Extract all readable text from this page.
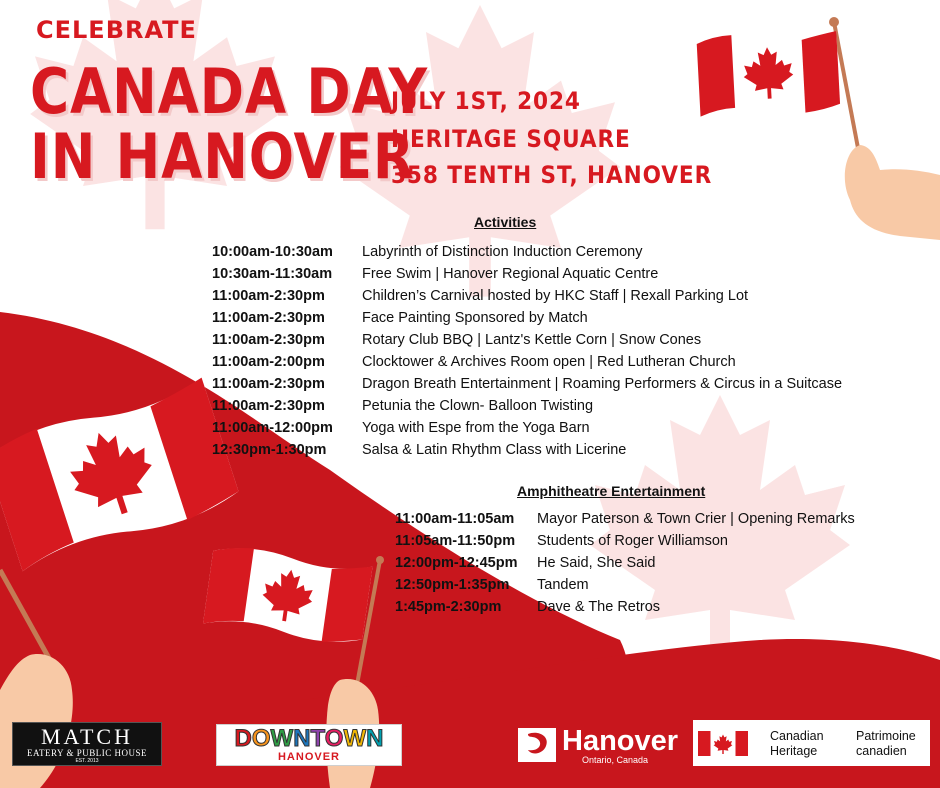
CELEBRATE
CANADA DAY
IN HANOVER
JULY 1ST, 2024
HERITAGE SQUARE
358 TENTH ST, HANOVER
Activities
10:00am-10:30am Labyrinth of Distinction Induction Ceremony
10:30am-11:30am Free Swim | Hanover Regional Aquatic Centre
11:00am-2:30pm	Children’s Carnival hosted by HKC Staff | Rexall Parking Lot
11:00am-2:30pm	Face Painting Sponsored by Match
11:00am-2:30pm	Rotary Club BBQ | Lantz's Kettle Corn | Snow Cones
11:00am-2:00pm	Clocktower & Archives Room open | Red Lutheran Church
11:00am-2:30pm	Dragon Breath Entertainment | Roaming Performers & Circus in a Suitcase
11:00am-2:30pm	Petunia the Clown- Balloon Twisting
11:00am-12:00pm Yoga with Espe from the Yoga Barn
12:30pm-1:30pm Salsa & Latin Rhythm Class with Licerine
Amphitheatre Entertainment
11:00am-11:05am Mayor Paterson & Town Crier | Opening Remarks
11:05am-11:50pm Students of Roger Williamson
12:00pm-12:45pm He Said, She Said
12:50pm-1:35pm Tandem
1:45pm-2:30pm Dave & The Retros
MATCH
EATERY & PUBLIC HOUSE
EST. 2013
DOWNTOWN
HANOVER	Hanover
Ontario, Canada
Canadian
Heritage
Patrimoine
canadien
